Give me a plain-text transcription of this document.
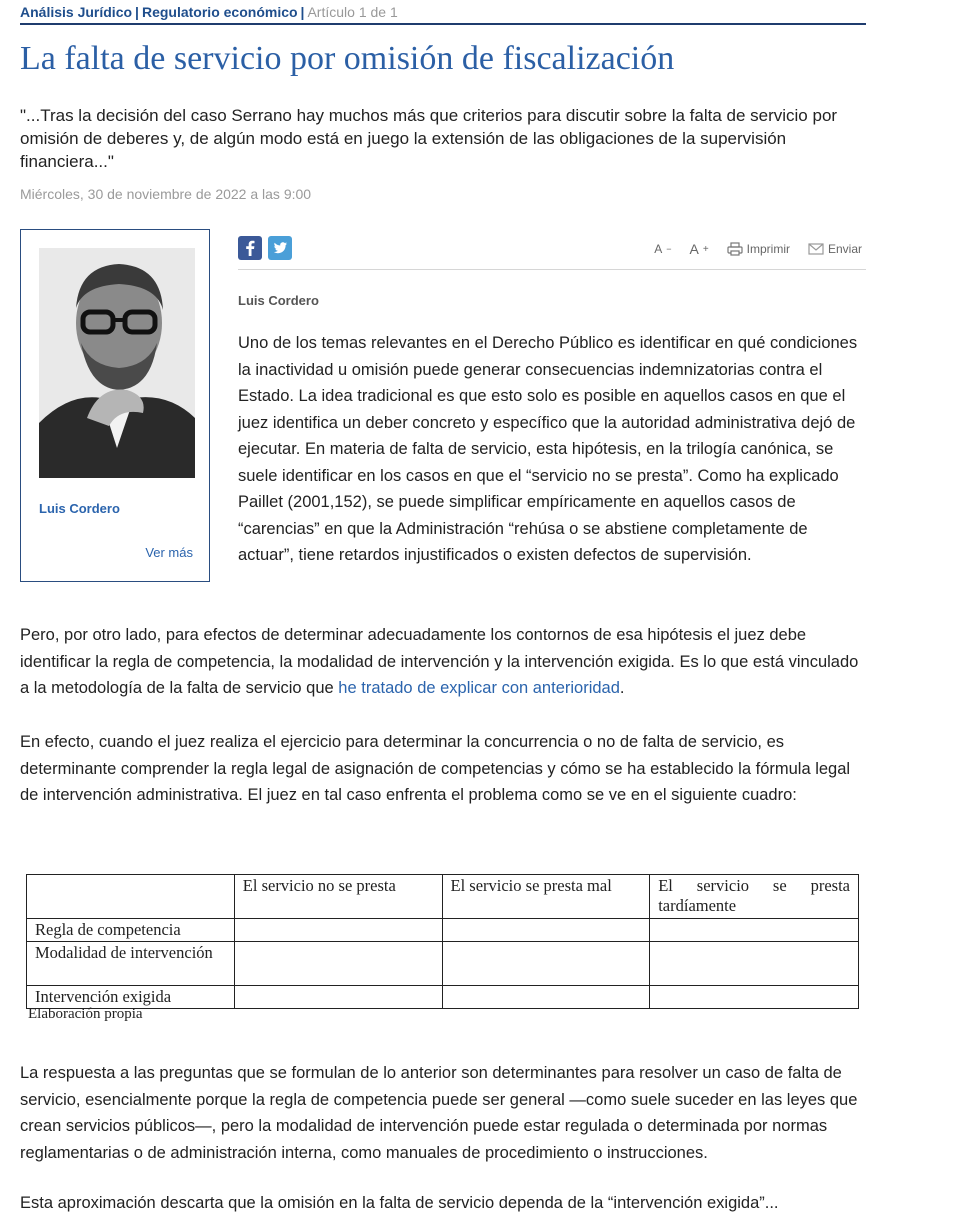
Análisis Jurídico | Regulatorio económico | Artículo 1 de 1
La falta de servicio por omisión de fiscalización

"...Tras la decisión del caso Serrano hay muchos más que criterios para discutir sobre la falta de servicio por omisión de deberes y, de algún modo está en juego la extensión de las obligaciones de la supervisión financiera..."

Miércoles, 30 de noviembre de 2022 a las 9:00
Luis Cordero
Ver más
A − A +	Imprimir	Enviar
Luis Cordero

Uno de los temas relevantes en el Derecho Público es identificar en qué condiciones la inactividad u omisión puede generar consecuencias indemnizatorias contra el Estado. La idea tradicional es que esto solo es posible en aquellos casos en que el juez identifica un deber concreto y específico que la autoridad administrativa dejó de ejecutar. En materia de falta de servicio, esta hipótesis, en la trilogía canónica, se suele identificar en los casos en que el “servicio no se presta”. Como ha explicado Paillet (2001,152), se puede simplificar empíricamente en aquellos casos de “carencias” en que la Administración “rehúsa o se abstiene completamente de actuar”, tiene retardos injustificados o existen defectos de supervisión.

Pero, por otro lado, para efectos de determinar adecuadamente los contornos de esa hipótesis el juez debe identificar la regla de competencia, la modalidad de intervención y la intervención exigida. Es lo que está vinculado a la metodología de la falta de servicio que he tratado de explicar con anterioridad.

En efecto, cuando el juez realiza el ejercicio para determinar la concurrencia o no de falta de servicio, es determinante comprender la regla legal de asignación de competencias y cómo se ha establecido la fórmula legal de intervención administrativa. El juez en tal caso enfrenta el problema como se ve en el siguiente cuadro:

	El servicio no se presta	El servicio se presta mal	El servicio se presta tardíamente
Regla de competencia			
Modalidad de intervención			
Intervención exigida			
Elaboración propia

La respuesta a las preguntas que se formulan de lo anterior son determinantes para resolver un caso de falta de servicio, esencialmente porque la regla de competencia puede ser general —como suele suceder en las leyes que crean servicios públicos—, pero la modalidad de intervención puede estar regulada o determinada por normas reglamentarias o de administración interna, como manuales de procedimiento o instrucciones.

Esta aproximación descarta que la omisión en la falta de servicio dependa de la “intervención exigida”...
